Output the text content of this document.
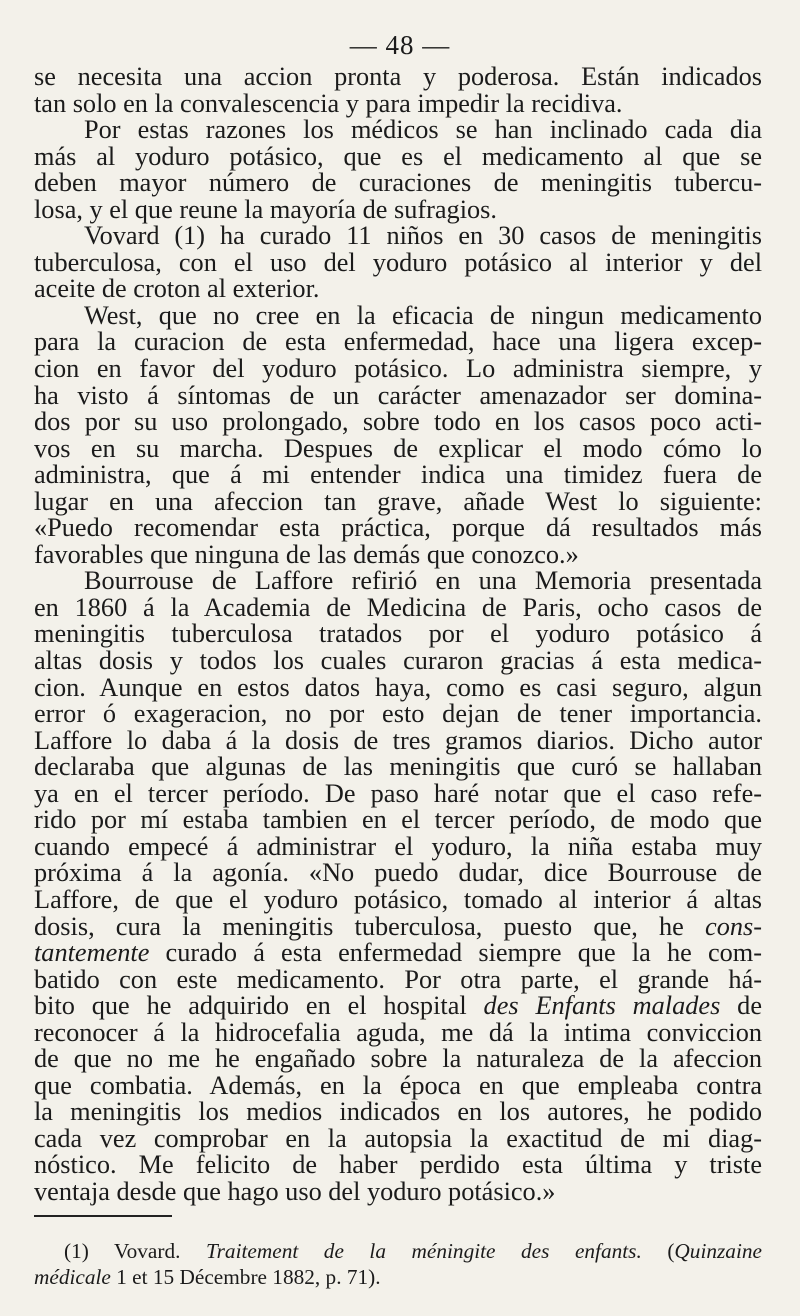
— 48 —
se necesita una accion pronta y poderosa. Están indicados
tan solo en la convalescencia y para impedir la recidiva.
Por estas razones los médicos se han inclinado cada dia
más al yoduro potásico, que es el medicamento al que se
deben mayor número de curaciones de meningitis tubercu-
losa, y el que reune la mayoría de sufragios.
Vovard (1) ha curado 11 niños en 30 casos de meningitis
tuberculosa, con el uso del yoduro potásico al interior y del
aceite de croton al exterior.
West, que no cree en la eficacia de ningun medicamento
para la curacion de esta enfermedad, hace una ligera excep-
cion en favor del yoduro potásico. Lo administra siempre, y
ha visto á síntomas de un carácter amenazador ser domina-
dos por su uso prolongado, sobre todo en los casos poco acti-
vos en su marcha. Despues de explicar el modo cómo lo
administra, que á mi entender indica una timidez fuera de
lugar en una afeccion tan grave, añade West lo siguiente:
«Puedo recomendar esta práctica, porque dá resultados más
favorables que ninguna de las demás que conozco.»
Bourrouse de Laffore refirió en una Memoria presentada
en 1860 á la Academia de Medicina de Paris, ocho casos de
meningitis tuberculosa tratados por el yoduro potásico á
altas dosis y todos los cuales curaron gracias á esta medica-
cion. Aunque en estos datos haya, como es casi seguro, algun
error ó exageracion, no por esto dejan de tener importancia.
Laffore lo daba á la dosis de tres gramos diarios. Dicho autor
declaraba que algunas de las meningitis que curó se hallaban
ya en el tercer período. De paso haré notar que el caso refe-
rido por mí estaba tambien en el tercer período, de modo que
cuando empecé á administrar el yoduro, la niña estaba muy
próxima á la agonía. «No puedo dudar, dice Bourrouse de
Laffore, de que el yoduro potásico, tomado al interior á altas
dosis, cura la meningitis tuberculosa, puesto que, he cons-
tantemente curado á esta enfermedad siempre que la he com-
batido con este medicamento. Por otra parte, el grande há-
bito que he adquirido en el hospital des Enfants malades de
reconocer á la hidrocefalia aguda, me dá la intima conviccion
de que no me he engañado sobre la naturaleza de la afeccion
que combatia. Además, en la época en que empleaba contra
la meningitis los medios indicados en los autores, he podido
cada vez comprobar en la autopsia la exactitud de mi diag-
nóstico. Me felicito de haber perdido esta última y triste
ventaja desde que hago uso del yoduro potásico.»
(1) Vovard. Traitement de la méningite des enfants. (Quinzaine
médicale 1 et 15 Décembre 1882, p. 71).
